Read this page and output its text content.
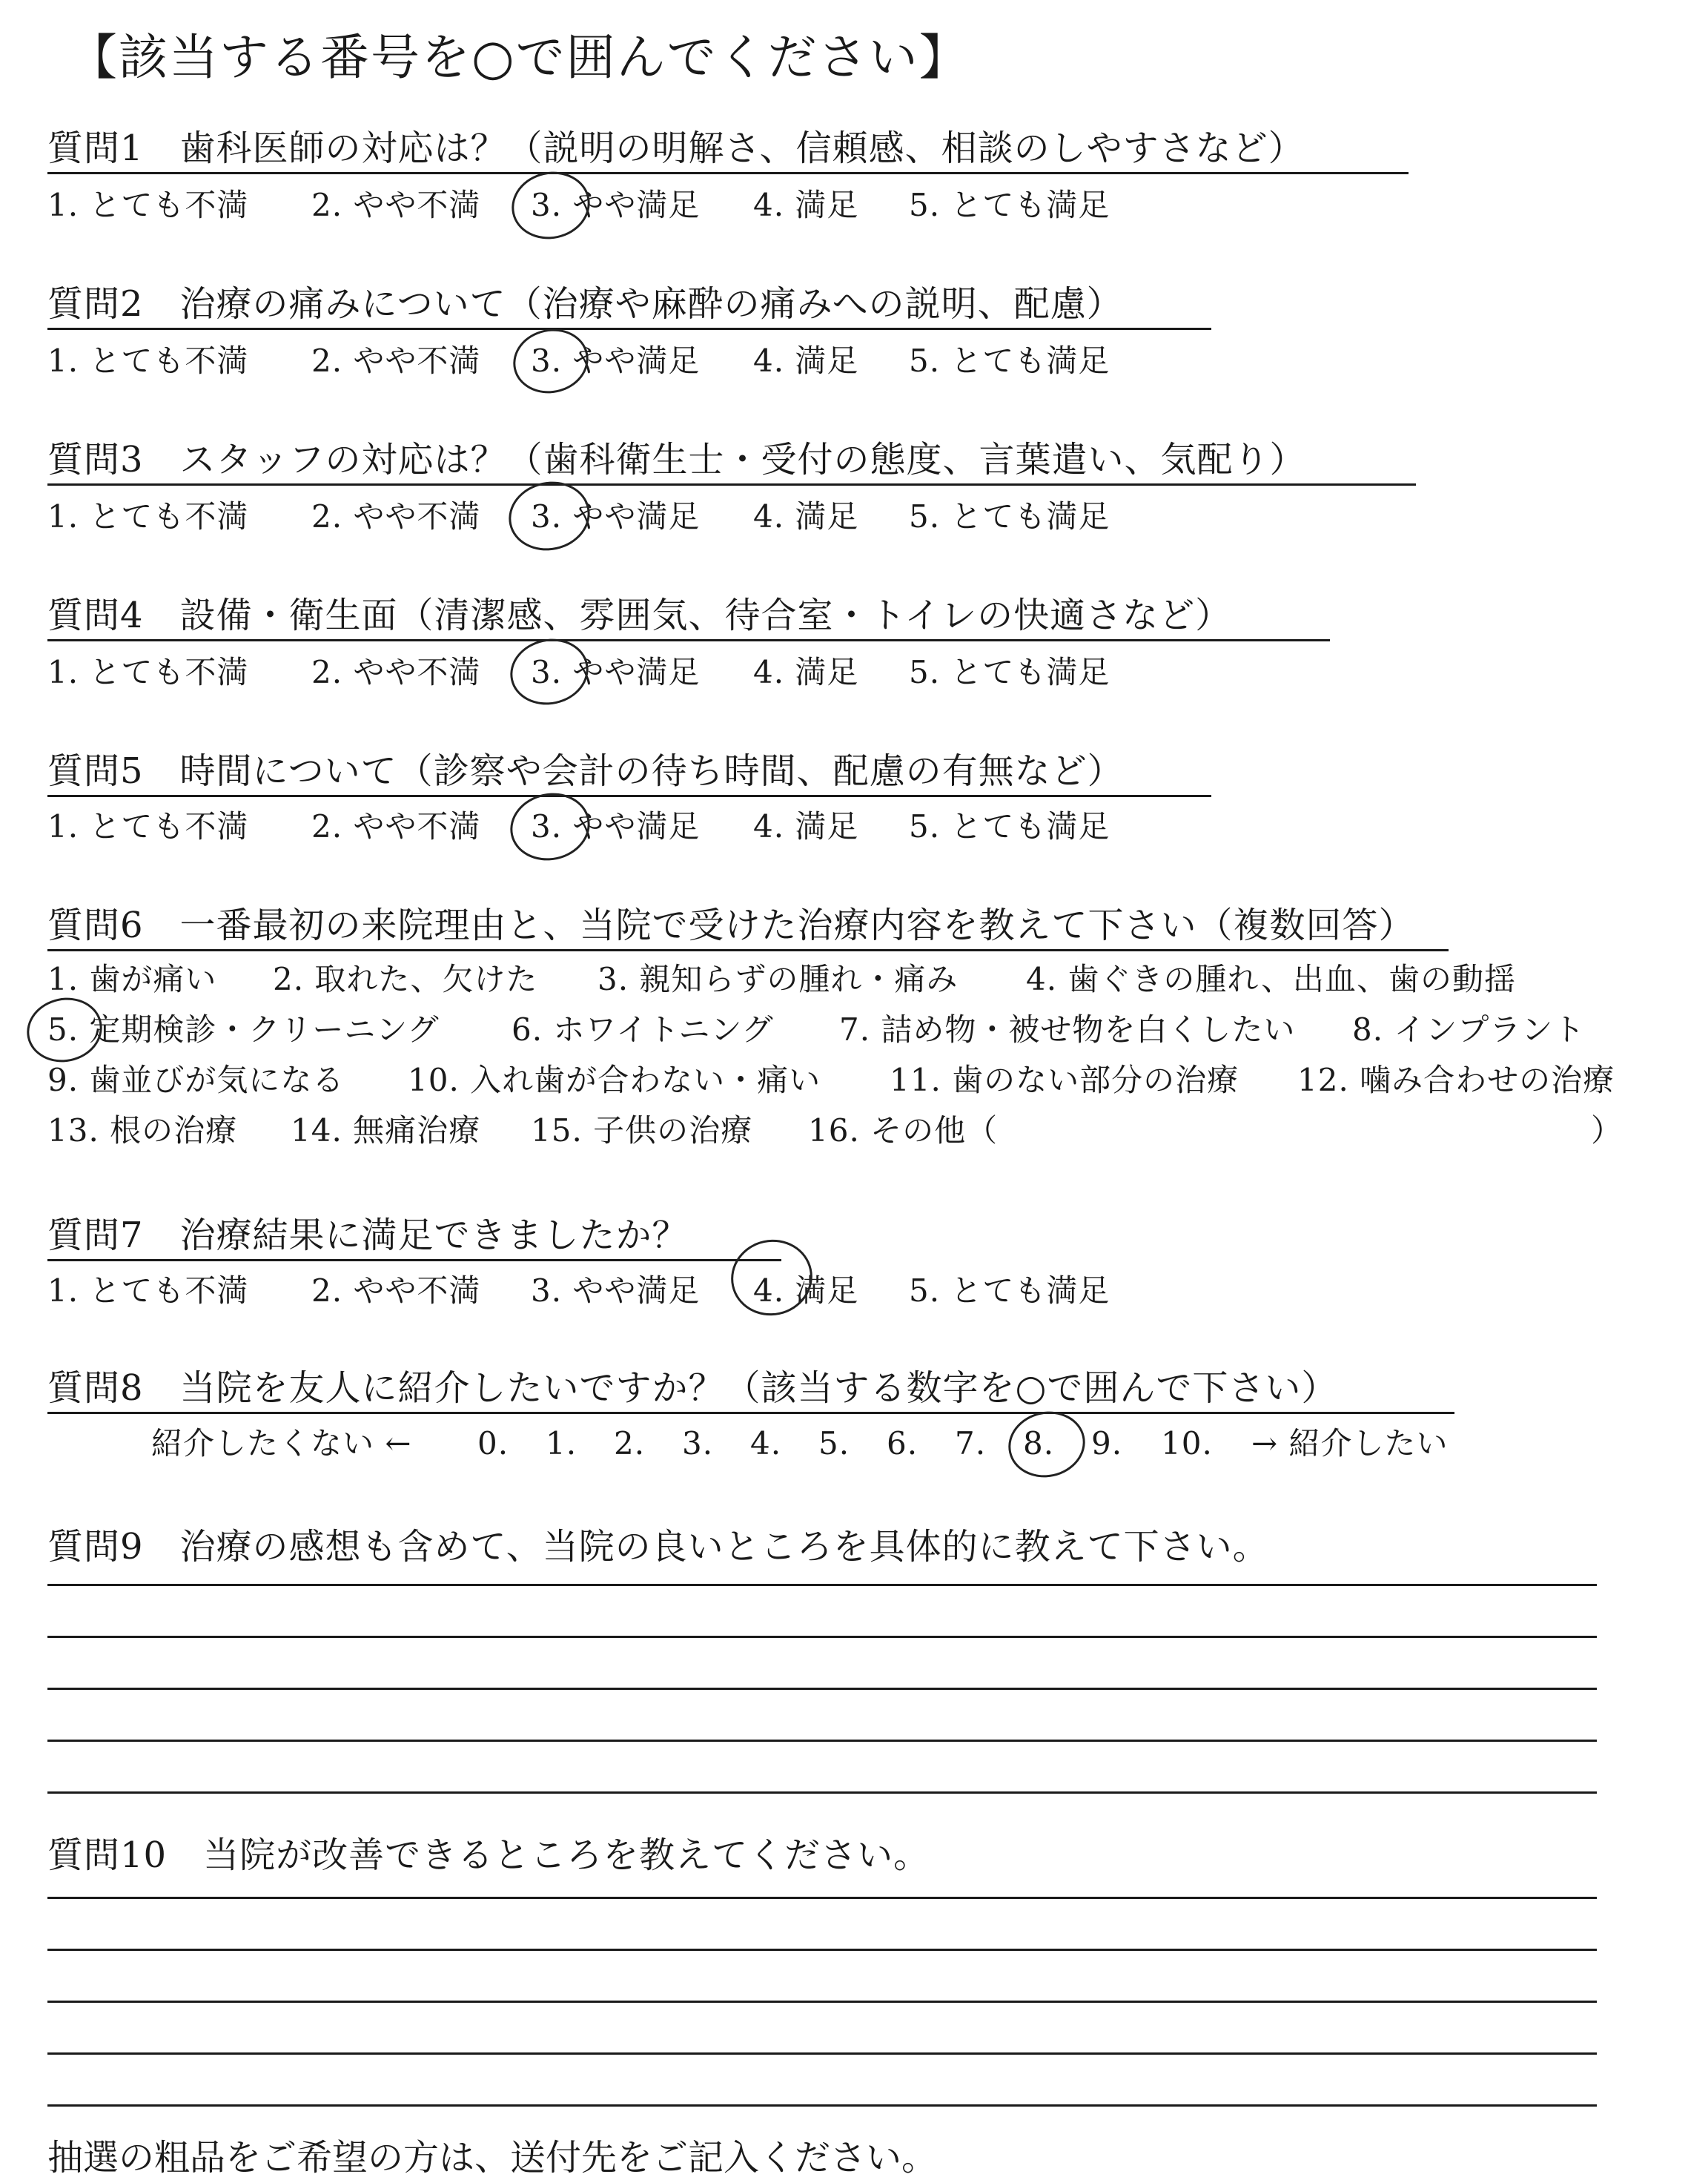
【該当する番号を○で囲んでください】
質問1　歯科医師の対応は？（説明の明解さ、信頼感、相談のしやすさなど）
1. とても不満 2. やや不満 3. やや満足 4. 満足 5. とても満足
質問2　治療の痛みについて（治療や麻酔の痛みへの説明、配慮）
1. とても不満 2. やや不満 3. やや満足 4. 満足 5. とても満足
質問3　スタッフの対応は？（歯科衛生士・受付の態度、言葉遣い、気配り）
1. とても不満 2. やや不満 3. やや満足 4. 満足 5. とても満足
質問4　設備・衛生面（清潔感、雰囲気、待合室・トイレの快適さなど）
1. とても不満 2. やや不満 3. やや満足 4. 満足 5. とても満足
質問5　時間について（診察や会計の待ち時間、配慮の有無など）
1. とても不満 2. やや不満 3. やや満足 4. 満足 5. とても満足
質問6　一番最初の来院理由と、当院で受けた治療内容を教えて下さい（複数回答）
1. 歯が痛い 2. 取れた、欠けた 3. 親知らずの腫れ・痛み 4. 歯ぐきの腫れ、出血、歯の動揺
5. 定期検診・クリーニング 6. ホワイトニング 7. 詰め物・被せ物を白くしたい 8. インプラント
9. 歯並びが気になる 10. 入れ歯が合わない・痛い 11. 歯のない部分の治療 12. 噛み合わせの治療
13. 根の治療 14. 無痛治療 15. 子供の治療 16. その他（	）
質問7　治療結果に満足できましたか？
1. とても不満 2. やや不満 3. やや満足 4. 満足 5. とても満足
質問8　当院を友人に紹介したいですか？（該当する数字を○で囲んで下さい）
紹介したくない ← 0. 1. 2. 3. 4. 5. 6. 7. 8. 9. 10. → 紹介したい
質問9　治療の感想も含めて、当院の良いところを具体的に教えて下さい。
質問10　当院が改善できるところを教えてください。
抽選の粗品をご希望の方は、送付先をご記入ください。
